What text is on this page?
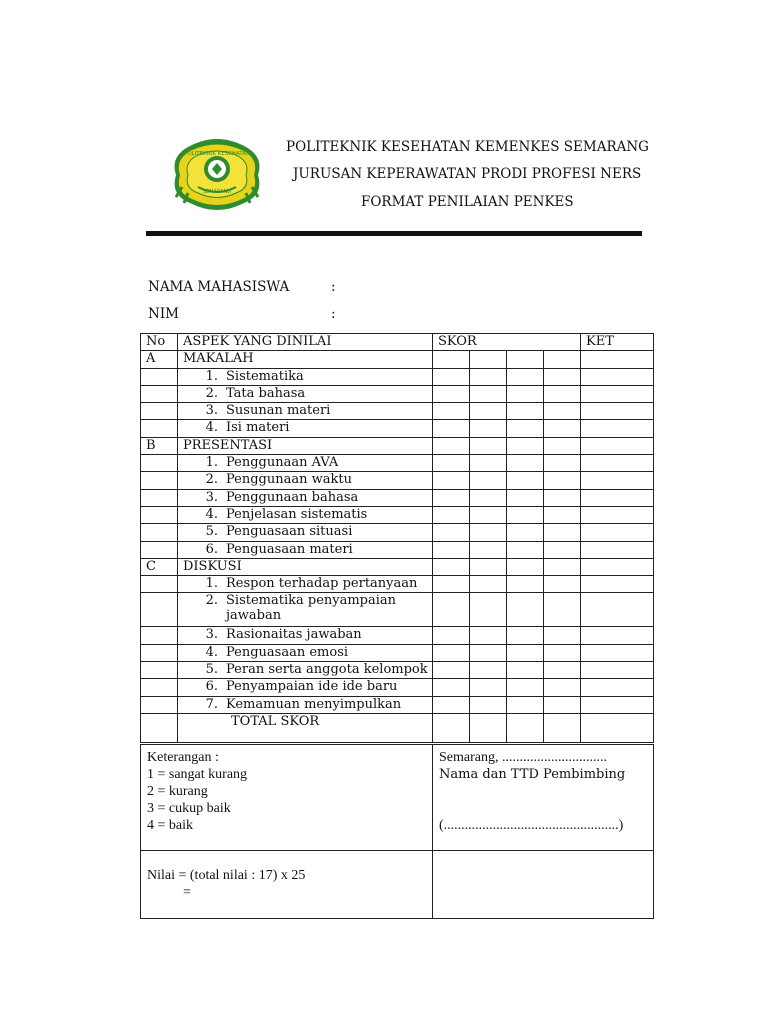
POLITEKNIK KESEHATAN
SEMARANG
POLITEKNIK KESEHATAN KEMENKES SEMARANG
JURUSAN KEPERAWATAN PRODI PROFESI NERS
FORMAT PENILAIAN PENKES
NAMA MAHASISWA	:
NIM	:
No	ASPEK YANG DINILAI	SKOR				KET
A	MAKALAH					
	1. Sistematika					
	2. Tata bahasa					
	3. Susunan materi					
	4. Isi materi					
B	PRESENTASI					
	1. Penggunaan AVA					
	2. Penggunaan waktu					
	3. Penggunaan bahasa					
	4. Penjelasan sistematis					
	5. Penguasaan situasi					
	6. Penguasaan materi					
C	DISKUSI					
	1. Respon terhadap pertanyaan					
	2. Sistematika penyampaian jawaban					
	3. Rasionaitas jawaban					
	4. Penguasaan emosi					
	5. Peran serta anggota kelompok					
	6. Penyampaian ide ide baru					
	7. Kemamuan menyimpulkan					
	TOTAL SKOR					
Keterangan :
1 = sangat kurang
2 = kurang
3 = cukup baik
4 = baik	Semarang, ..............................
Nama dan TTD Pembimbing
(..................................................)

Nilai = (total nilai : 17) x 25
=	
